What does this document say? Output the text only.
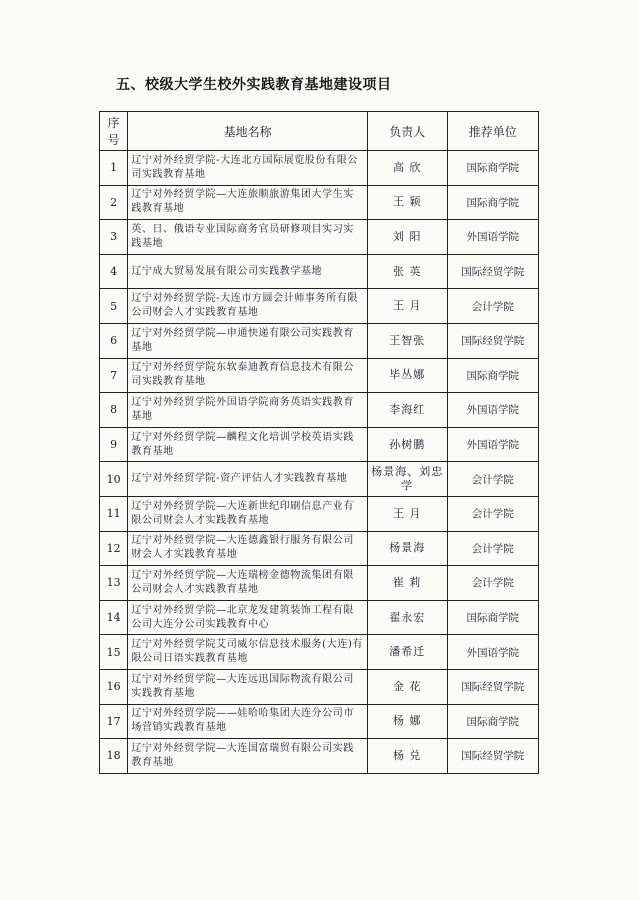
五、校级大学生校外实践教育基地建设项目
序号	基地名称	负责人	推荐单位
1	辽宁对外经贸学院-大连北方国际展览股份有限公司实践教育基地	高 欣	国际商学院
2	辽宁对外经贸学院—大连旅顺旅游集团大学生实践教育基地	王 颖	国际商学院
3	英、日、俄语专业国际商务官员研修项目实习实践基地	刘 阳	外国语学院
4	辽宁成大贸易发展有限公司实践教学基地	张 英	国际经贸学院
5	辽宁对外经贸学院-大连市方圆会计师事务所有限公司财会人才实践教育基地	王 月	会计学院
6	辽宁对外经贸学院—申通快递有限公司实践教育基地	王智张	国际经贸学院
7	辽宁对外经贸学院东软泰迪教育信息技术有限公司实践教育基地	毕丛娜	国际商学院
8	辽宁对外经贸学院外国语学院商务英语实践教育基地	李海红	外国语学院
9	辽宁对外经贸学院—麟程文化培训学校英语实践教育基地	孙树鹏	外国语学院
10	辽宁对外经贸学院-资产评估人才实践教育基地	杨景海、刘忠学	会计学院
11	辽宁对外经贸学院—大连新世纪印刷信息产业有限公司财会人才实践教育基地	王 月	会计学院
12	辽宁对外经贸学院—大连德鑫银行服务有限公司财会人才实践教育基地	杨景海	会计学院
13	辽宁对外经贸学院—大连瑞榜金德物流集团有限公司财会人才实践教育基地	崔 莉	会计学院
14	辽宁对外经贸学院—北京龙发建筑装饰工程有限公司大连分公司实践教育中心	翟永宏	国际商学院
15	辽宁对外经贸学院艾司威尔信息技术服务(大连)有限公司日语实践教育基地	潘希迁	外国语学院
16	辽宁对外经贸学院—大连远迅国际物流有限公司实践教育基地	金 花	国际经贸学院
17	辽宁对外经贸学院——娃哈哈集团大连分公司市场营销实践教育基地	杨 娜	国际商学院
18	辽宁对外经贸学院—大连国富瑞贸有限公司实践教育基地	杨 兑	国际经贸学院
